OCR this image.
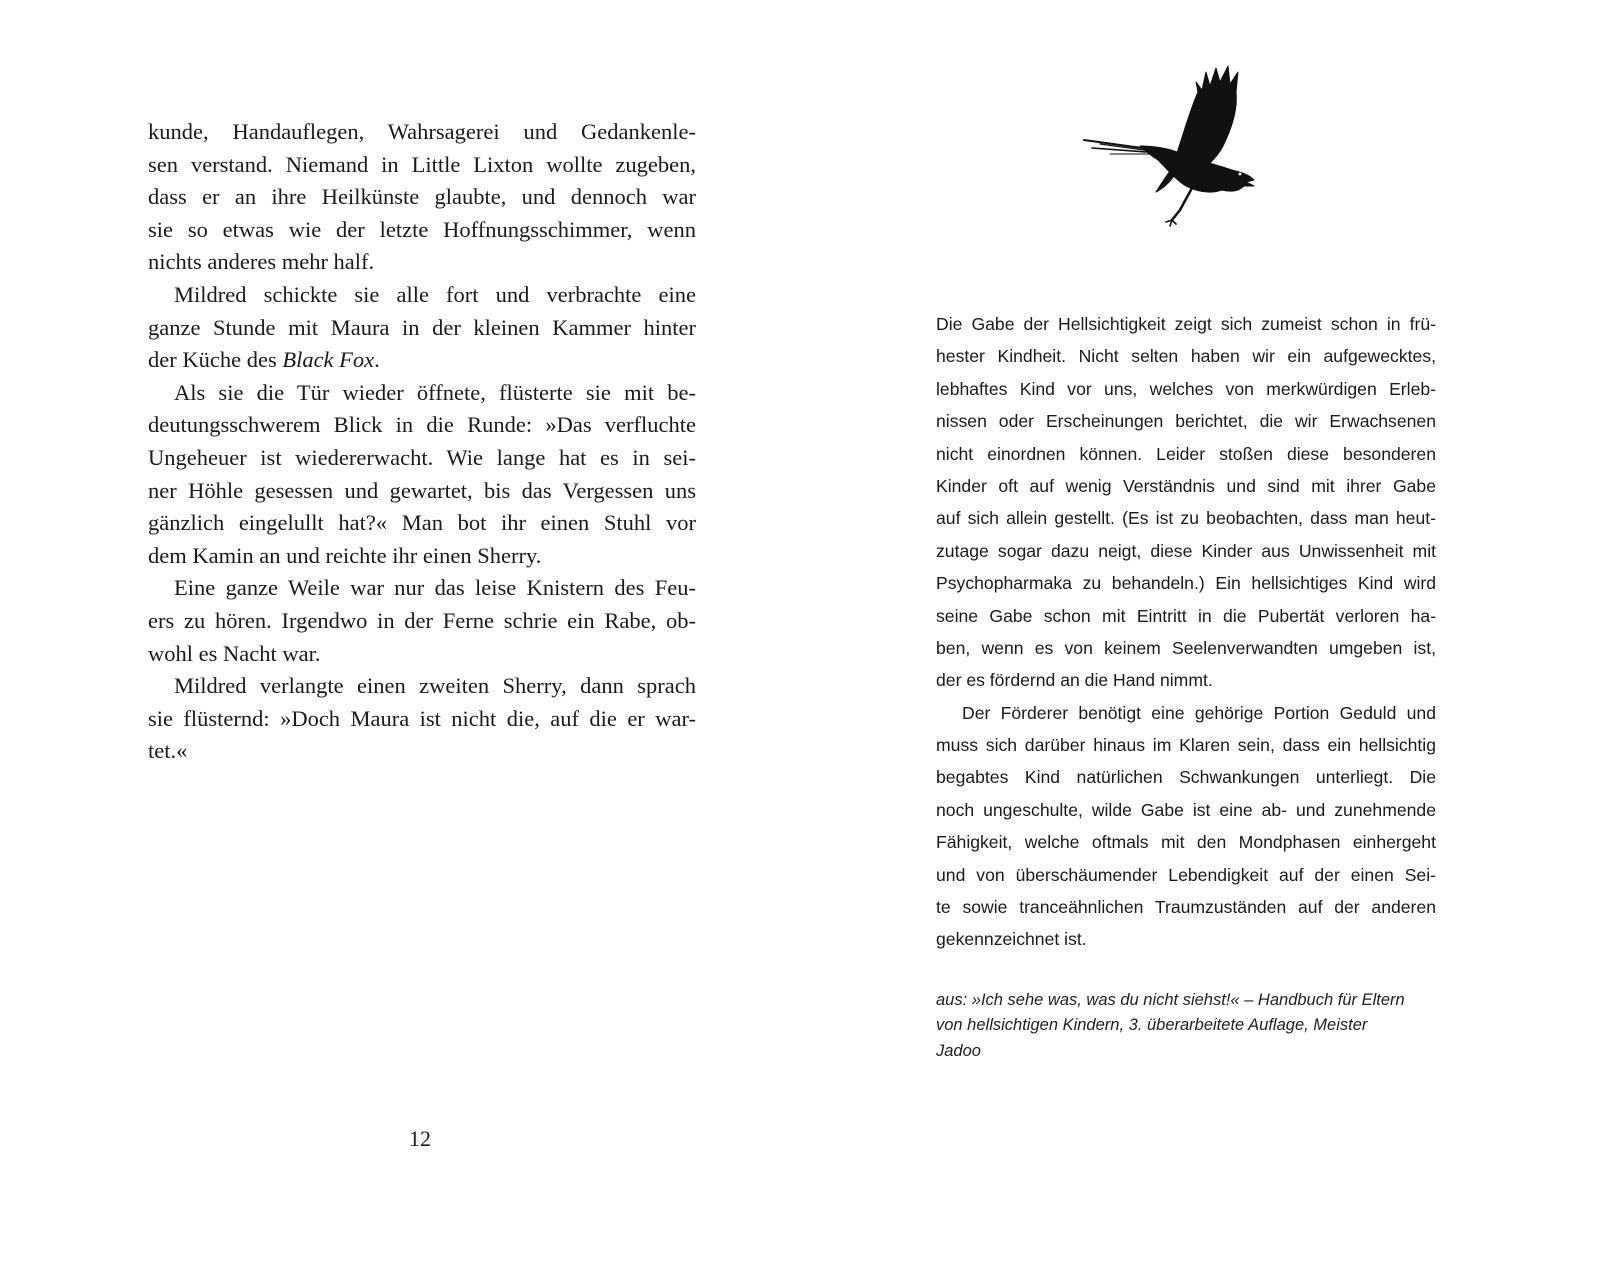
kunde, Handauflegen, Wahrsagerei und Gedankenle-
sen verstand. Niemand in Little Lixton wollte zugeben,
dass er an ihre Heilkünste glaubte, und dennoch war
sie so etwas wie der letzte Hoffnungsschimmer, wenn
nichts anderes mehr half.
Mildred schickte sie alle fort und verbrachte eine
ganze Stunde mit Maura in der kleinen Kammer hinter
der Küche des Black Fox.
Als sie die Tür wieder öffnete, flüsterte sie mit be-
deutungsschwerem Blick in die Runde: »Das verfluchte
Ungeheuer ist wiedererwacht. Wie lange hat es in sei-
ner Höhle gesessen und gewartet, bis das Vergessen uns
gänzlich eingelullt hat?« Man bot ihr einen Stuhl vor
dem Kamin an und reichte ihr einen Sherry.
Eine ganze Weile war nur das leise Knistern des Feu-
ers zu hören. Irgendwo in der Ferne schrie ein Rabe, ob-
wohl es Nacht war.
Mildred verlangte einen zweiten Sherry, dann sprach
sie flüsternd: »Doch Maura ist nicht die, auf die er war-
tet.«
12
Die Gabe der Hellsichtigkeit zeigt sich zumeist schon in frü-
hester Kindheit. Nicht selten haben wir ein aufgewecktes,
lebhaftes Kind vor uns, welches von merkwürdigen Erleb-
nissen oder Erscheinungen berichtet, die wir Erwachsenen
nicht einordnen können. Leider stoßen diese besonderen
Kinder oft auf wenig Verständnis und sind mit ihrer Gabe
auf sich allein gestellt. (Es ist zu beobachten, dass man heut-
zutage sogar dazu neigt, diese Kinder aus Unwissenheit mit
Psychopharmaka zu behandeln.) Ein hellsichtiges Kind wird
seine Gabe schon mit Eintritt in die Pubertät verloren ha-
ben, wenn es von keinem Seelenverwandten umgeben ist,
der es fördernd an die Hand nimmt.
Der Förderer benötigt eine gehörige Portion Geduld und
muss sich darüber hinaus im Klaren sein, dass ein hellsichtig
begabtes Kind natürlichen Schwankungen unterliegt. Die
noch ungeschulte, wilde Gabe ist eine ab- und zunehmende
Fähigkeit, welche oftmals mit den Mondphasen einhergeht
und von überschäumender Lebendigkeit auf der einen Sei-
te sowie tranceähnlichen Traumzuständen auf der anderen
gekennzeichnet ist.
aus: »Ich sehe was, was du nicht siehst!« – Handbuch für Eltern
von hellsichtigen Kindern, 3. überarbeitete Auflage, Meister
Jadoo
